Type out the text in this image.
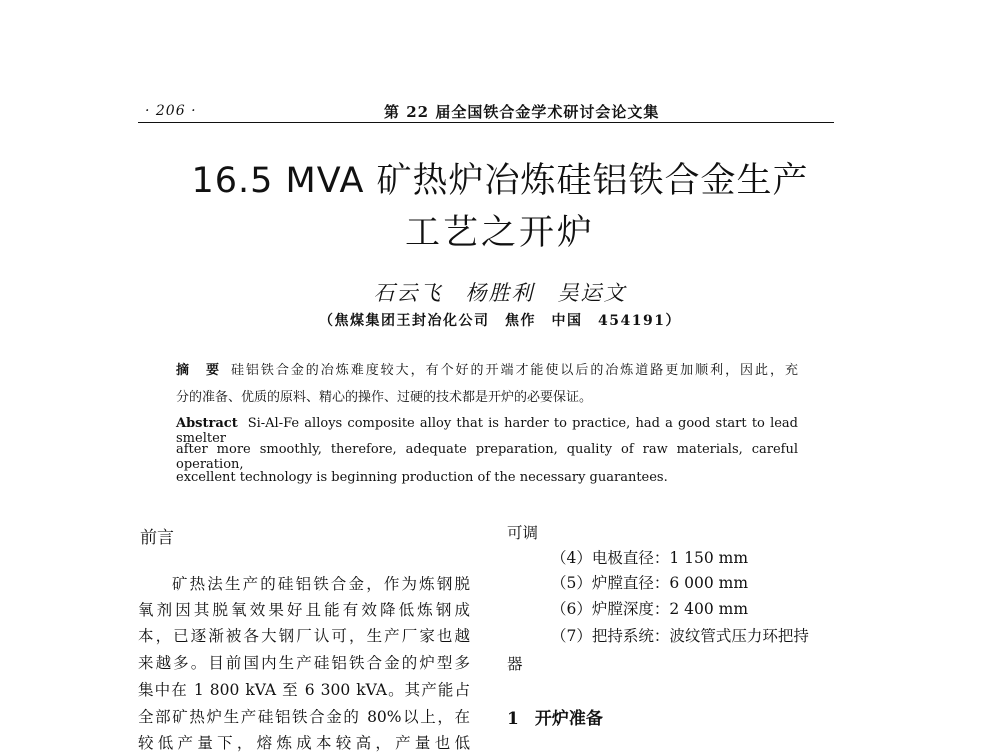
· 206 ·	第 22 届全国铁合金学术研讨会论文集
16.5 MVA 矿热炉冶炼硅铝铁合金生产
工艺之开炉
石云飞　杨胜利　吴运文
（焦煤集团王封冶化公司　焦作　中国　454191）
摘　要 硅铝铁合金的冶炼难度较大，有个好的开端才能使以后的冶炼道路更加顺利，因此，充
分的准备、优质的原料、精心的操作、过硬的技术都是开炉的必要保证。
Abstract Si-Al-Fe alloys composite alloy that is harder to practice, had a good start to lead smelter
after more smoothly, therefore, adequate preparation, quality of raw materials, careful operation,
excellent technology is beginning production of the necessary guarantees.
前言
矿热法生产的硅铝铁合金，作为炼钢脱
氧剂因其脱氧效果好且能有效降低炼钢成
本，已逐渐被各大钢厂认可，生产厂家也越
来越多。目前国内生产硅铝铁合金的炉型多
集中在 1 800 kVA 至 6 300 kVA。其产能占
全部矿热炉生产硅铝铁合金的 80%以上，在
较低产量下，熔炼成本较高，产量也低
可调
（4）电极直径：1 150 mm
（5）炉膛直径：6 000 mm
（6）炉膛深度：2 400 mm
（7）把持系统：波纹管式压力环把持
器
1 开炉准备
